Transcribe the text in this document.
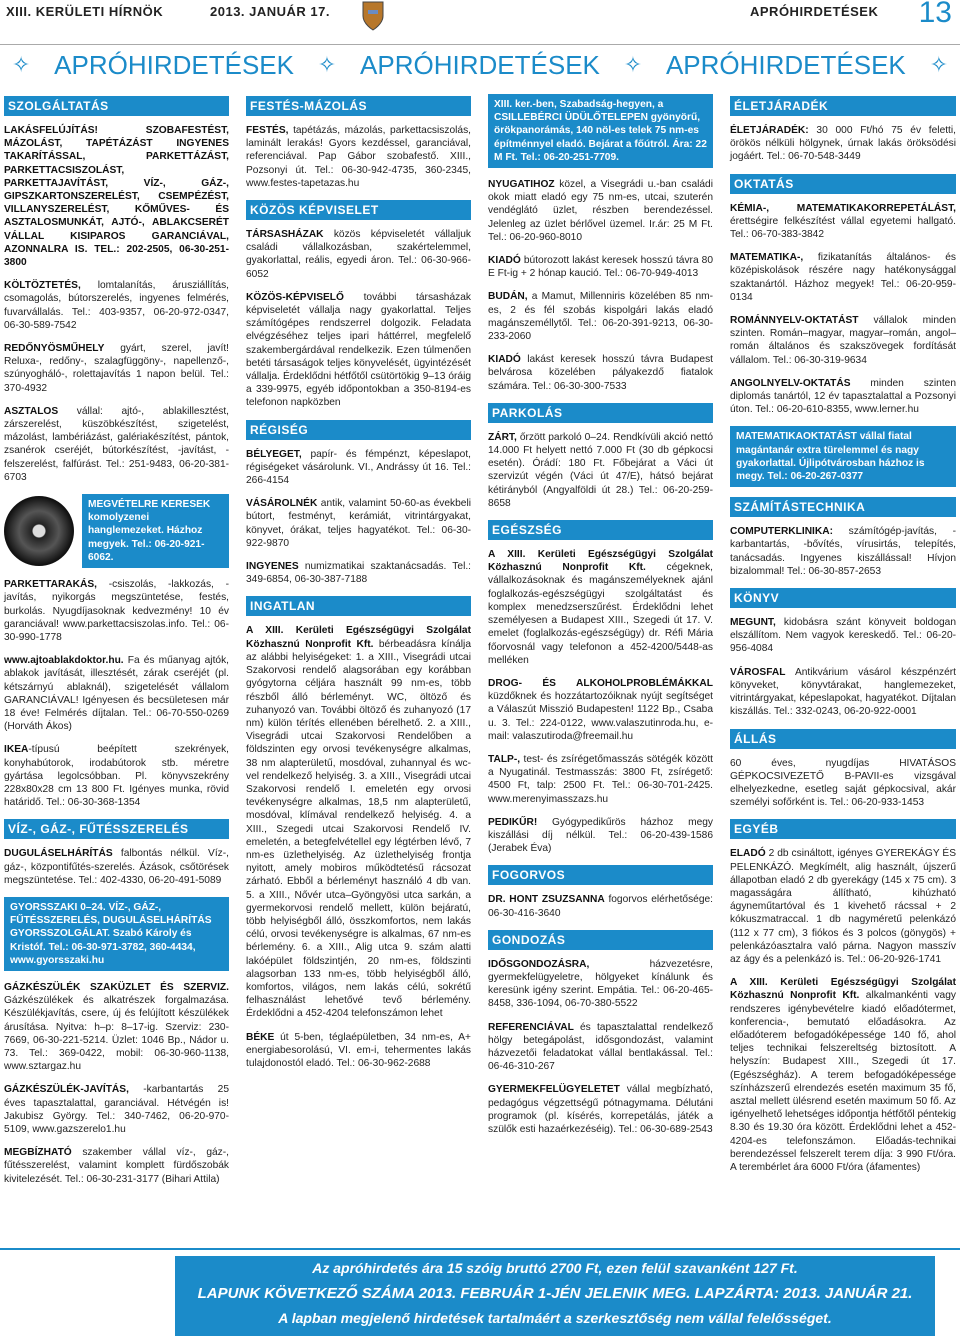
XIII. KERÜLETI HÍRNÖK	2013. JANUÁR 17.	APRÓHIRDETÉSEK 13
✧ APRÓHIRDETÉSEK ✧ APRÓHIRDETÉSEK ✧ APRÓHIRDETÉSEK ✧
SZOLGÁLTATÁS

LAKÁSFELÚJÍTÁS! SZOBAFESTÉST, MÁZOLÁST, TAPÉTÁZÁST INGYENES TAKARÍTÁSSAL, PARKETTÁZÁST, PARKETTACSISZOLÁST, PARKETTAJAVÍTÁST, VÍZ-, GÁZ-, GIPSZKARTONSZERELÉST, CSEMPÉZÉST, VILLANYSZERELÉST, KŐMŰVES- ÉS ASZTALOSMUNKÁT, AJTÓ-, ABLAKCSERÉT VÁLLAL KISIPAROS GARANCIÁVAL, AZONNALRA IS. TEL.: 202-2505, 06-30-251-3800

KÖLTÖZTETÉS, lomtalanítás, árusziállítás, csomagolás, bútorszerelés, ingyenes felmérés, fuvarvállalás. Tel.: 403-9357, 06-20-972-0347, 06-30-589-7542

REDŐNYÖSMŰHELY gyárt, szerel, javít! Reluxa-, redőny-, szalagfüggöny-, napellenző-, szúnyogháló-, rolettajavítás 1 napon belül. Tel.: 370-4932

ASZTALOS vállal: ajtó-, ablakillesztést, zárszerelést, küszöbkészítést, szigetelést, mázolást, lambériázást, galériakészítést, pántok, zsanérok cseréjét, bútorkészítést, -javítást, -felszerelést, falfúrást. Tel.: 251-9483, 06-20-381-6703

MEGVÉTELRE KERESEK komolyzenei hanglemezeket. Házhoz megyek. Tel.: 06-20-921-6062.

PARKETTARAKÁS, -csiszolás, -lakkozás, -javítás, nyikorgás megszüntetése, festés, burkolás. Nyugdíjasoknak kedvezmény! 10 év garanciával! www.parkettacsiszolas.info. Tel.: 06-30-990-1778

www.ajtoablakdoktor.hu. Fa és műanyag ajtók, ablakok javítását, illesztését, zárak cseréjét (pl. kétszárnyú ablaknál), szigetelését vállalom GARANCIÁVAL! Igényesen és becsületesen már 18 éve! Felmérés díjtalan. Tel.: 06-70-550-0269 (Horváth Ákos)

IKEA-típusú beépített szekrények, konyhabútorok, irodabútorok stb. méretre gyártása legolcsóbban. Pl. könyvszekrény 228x80x28 cm 13 800 Ft. Igényes munka, rövid határidő. Tel.: 06-30-368-1354

VÍZ-, GÁZ-, FŰTÉSSZERELÉS

DUGULÁSELHÁRÍTÁS falbontás nélkül. Víz-, gáz-, központifűtés-szerelés. Ázások, csőtörések megszüntetése. Tel.: 402-4330, 06-20-491-5089

GYORSSZAKI 0–24. VÍZ-, GÁZ-, FŰTÉSSZERELÉS, DUGULÁSELHÁRÍTÁS GYORSSZOLGÁLAT. Szabó Károly és Kristóf. Tel.: 06-30-971-3782, 360-4434, www.gyorsszaki.hu

GÁZKÉSZÜLÉK SZAKÜZLET ÉS SZERVIZ. Gázkészülékek és alkatrészek forgalmazása. Készülékjavítás, csere, új és felújított készülékek árusítása. Nyitva: h–p: 8–17-ig. Szerviz: 230-7669, 06-30-221-5214. Üzlet: 1046 Bp., Nádor u. 73. Tel.: 369-0422, mobil: 06-30-960-1138, www.sztargaz.hu

GÁZKÉSZÜLÉK-JAVÍTÁS, -karbantartás 25 éves tapasztalattal, garanciával. Hétvégén is! Jakubisz György. Tel.: 340-7462, 06-20-970-5109, www.gazszerelo1.hu

MEGBÍZHATÓ szakember vállal víz-, gáz-, fűtésszerelést, valamint komplett fürdőszobák kivitelezését. Tel.: 06-30-231-3177 (Bihari Attila)

FESTÉS-MÁZOLÁS

FESTÉS, tapétázás, mázolás, parkettacsiszolás, laminált lerakás! Gyors kezdéssel, garanciával, referenciával. Pap Gábor szobafestő. XIII., Pozsonyi út. Tel.: 06-30-942-4735, 360-2345, www.festes-tapetazas.hu

KÖZÖS KÉPVISELET

TÁRSASHÁZAK közös képviseletét vállaljuk családi vállalkozásban, szakértelemmel, gyakorlattal, reális, egyedi áron. Tel.: 06-30-966-6052

KÖZÖS-KÉPVISELŐ további társasházak képviseletét vállalja nagy gyakorlattal. Teljes számítógépes rendszerrel dolgozik. Feladata elvégzéséhez teljes ipari háttérrel, megfelelő szakembergárdával rendelkezik. Ezen túlmenően betéti társaságok teljes könyvelését, ügyintézését vállalja. Érdeklődni hétfőtől csütörtökig 9–13 óráig a 339-9975, egyéb időpontokban a 350-8194-es telefonon napközben

RÉGISÉG

BÉLYEGET, papír- és fémpénzt, képeslapot, régiségeket vásárolunk. VI., Andrássy út 16. Tel.: 266-4154

VÁSÁROLNÉK antik, valamint 50-60-as évekbeli bútort, festményt, kerámiát, vitrintárgyakat, könyvet, órákat, teljes hagyatékot. Tel.: 06-30-922-9870

INGYENES numizmatikai szaktanácsadás. Tel.: 349-6854, 06-30-387-7188

INGATLAN

A XIII. Kerületi Egészségügyi Szolgálat Közhasznú Nonprofit Kft. bérbeadásra kínálja az alábbi helyiségeket: 1. a XIII., Visegrádi utcai Szakorvosi rendelő alagsorában egy korábban gyógytorna céljára használt 99 nm-es, több részből álló bérleményt. WC, öltöző és zuhanyozó van. További öltöző és zuhanyozó (17 nm) külön térítés ellenében bérelhető. 2. a XIII., Visegrádi utcai Szakorvosi Rendelőben a földszinten egy orvosi tevékenységre alkalmas, 38 nm alapterületű, mosdóval, zuhannyal és wc-vel rendelkező helyiség. 3. a XIII., Visegrádi utcai Szakorvosi rendelő I. emeletén egy orvosi tevékenységre alkalmas, 18,5 nm alapterületű, mosdóval, klímával rendelkező helyiség. 4. a XIII., Szegedi utcai Szakorvosi Rendelő IV. emeletén, a betegfelvétellel egy légtérben lévő, 7 nm-es üzlethelyiség. Az üzlethelyiség frontja nyitott, amely mobiros működtetésű rácsozat zárható. Ebből a bérleményt használó 4 db van. 5. a XIII., Nővér utca–Gyöngyösi utca sarkán, a gyermekorvosi rendelő mellett, külön bejáratú, több helyiségből álló, összkomfortos, nem lakás célú, orvosi tevékenységre is alkalmas, 67 nm-es bérlemény. 6. a XIII., Alig utca 9. szám alatti lakóépület földszintjén, 20 nm-es, földszinti alagsorban 133 nm-es, több helyiségből álló, komfortos, világos, nem lakás célú, sokrétű felhasználást lehetővé tevő bérlemény. Érdeklődni a 452-4204 telefonszámon lehet

BÉKE út 5-ben, téglaépületben, 34 nm-es, A+ energiabesorolású, VI. em-i, tehermentes lakás tulajdonostól eladó. Tel.: 06-30-962-2688

XIII. ker.-ben, Szabadság-hegyen, a CSILLEBÉRCI ÜDÜLŐTELEPEN gyönyörű, örökpanorámás, 140 nöl-es telek 75 nm-es építménnyel eladó. Bejárat a főútról. Ára: 22 M Ft. Tel.: 06-20-251-7709.

NYUGATIHOZ közel, a Visegrádi u.-ban családi okok miatt eladó egy 75 nm-es, utcai, szuterén vendéglátó üzlet, részben berendezéssel. Jelenleg az üzlet bérlővel üzemel. Ir.ár: 25 M Ft. Tel.: 06-20-960-8010

KIADÓ bútorozott lakást keresek hosszú távra 80 E Ft-ig + 2 hónap kaució. Tel.: 06-70-949-4013

BUDÁN, a Mamut, Millenniris közelében 85 nm-es, 2 és fél szobás kispolgári lakás eladó magánszeméllytől. Tel.: 06-20-391-9213, 06-30-233-2060

KIADÓ lakást keresek hosszú távra Budapest belvárosa közelében pályakezdő fiatalok számára. Tel.: 06-30-300-7533

PARKOLÁS

ZÁRT, őrzött parkoló 0–24. Rendkívüli akció nettó 14.000 Ft helyett nettó 7.000 Ft (30 db gépkocsi esetén). Órádí: 180 Ft. Főbejárat a Váci út szervizút végén (Váci út 47/E), hátsó bejárat kétirányból (Angyalföldi út 28.) Tel.: 06-20-259-8658

EGÉSZSÉG

A XIII. Kerületi Egészségügyi Szolgálat Közhasznú Nonprofit Kft. cégeknek, vállalkozásoknak és magánszemélyeknek ajánl foglalkozás-egészségügyi szolgáltatást és komplex menedzserszűrést. Érdeklődni lehet személyesen a Budapest XIII., Szegedi út 17. V. emelet (foglalkozás-egészségügy) dr. Réfi Mária főorvosnál vagy telefonon a 452-4200/5448-as melléken

DROG- ÉS ALKOHOLPROBLÉMÁKKAL küzdőknek és hozzátartozóiknak nyújt segítséget a Válaszút Misszió Budapesten! 1122 Bp., Csaba u. 3. Tel.: 224-0122, www.valaszutinroda.hu, e-mail: valaszutiroda@freemail.hu

TALP-, test- és zsírégetőmasszás sötégék között a Nyugatinál. Testmasszás: 3800 Ft, zsírégető: 4500 Ft, talp: 2500 Ft. Tel.: 06-30-701-2425. www.merenyimasszazs.hu

PEDIKŰR! Gyógypedikűrös házhoz megy kiszállási díj nélkül. Tel.: 06-20-439-1586 (Jerabek Éva)

FOGORVOS

DR. HONT ZSUZSANNA fogorvos elérhetősége: 06-30-416-3640

GONDOZÁS

IDŐSGONDOZÁSRA, házvezetésre, gyermekfelügyeletre, hölgyeket kínálunk és keresünk igény szerint. Empátia. Tel.: 06-20-465-8458, 336-1094, 06-70-380-5522

REFERENCIÁVAL és tapasztalattal rendelkező hölgy betegápolást, idősgondozást, valamint házvezetői feladatokat vállal bentlakással. Tel.: 06-46-310-267

GYERMEKFELÜGYELETET vállal megbízható, pedagógus végzettségű pótnagymama. Délutáni programok (pl. kísérés, korrepetálás, játék a szülők esti hazaérkezéséig). Tel.: 06-30-689-2543

ÉLETJÁRADÉK

ÉLETJÁRADÉK: 30 000 Ft/hó 75 év feletti, örökös nélküli hölgynek, úrnak lakás öröksödési jogáért. Tel.: 06-70-548-3449

OKTATÁS

KÉMIA-, MATEMATIKAKORREPETÁLÁST, érettségire felkészítést vállal egyetemi hallgató. Tel.: 06-70-383-3842

MATEMATIKA-, fizikatanítás általános- és középiskolások részére nagy hatékonysággal szaktanártól. Házhoz megyek! Tel.: 06-20-959-0134

ROMÁNNYELV-OKTATÁST vállalok minden szinten. Román–magyar, magyar–román, angol–román általános és szakszövegek fordítását vállalom. Tel.: 06-30-319-9634

ANGOLNYELV-OKTATÁS minden szinten diplomás tanártól, 12 év tapasztalattal a Pozsonyi úton. Tel.: 06-20-610-8355, www.lerner.hu

MATEMATIKAOKTATÁST vállal fiatal magántanár extra türelemmel és nagy gyakorlattal. Újlipótvárosban házhoz is megy. Tel.: 06-20-267-0377
SZÁMÍTÁSTECHNIKA

COMPUTERKLINIKA: számítógép-javítás, -karbantartás, -bővítés, vírusirtás, telepítés, tanácsadás. Ingyenes kiszállással! Hívjon bizalommal! Tel.: 06-30-857-2653

KÖNYV

MEGUNT, kidobásra szánt könyveit boldogan elszállítom. Nem vagyok kereskedő. Tel.: 06-20-956-4084

VÁROSFAL Antikvárium vásárol készpénzért könyveket, könyvtárakat, hanglemezeket, vitrintárgyakat, képeslapokat, hagyatékot. Díjtalan kiszállás. Tel.: 332-0243, 06-20-922-0001

ÁLLÁS

60 éves, nyugdíjas HIVATÁSOS GÉPKOCSIVEZETŐ B-PAVII-es vizsgával elhelyezkedne, esetleg saját gépkocsival, akár személyi sofőrként is. Tel.: 06-20-933-1453

EGYÉB

ELADÓ 2 db csináltott, igényes GYEREKÁGY ÉS PELENKÁZÓ. Megkímélt, alig használt, újszerű állapotban eladó 2 db gyerekágy (145 x 75 cm). 3 magasságára állítható, kihúzható ágyneműtartóval és 1 kivehető rácssal + 2 kókuszmatraccal. 1 db nagyméretű pelenkázó (112 x 77 cm), 3 fiókos és 3 polcos (gönygös) + pelenkázóasztalra való párna. Nagyon masszív az ágy és a pelenkázó is. Tel.: 06-20-926-1741

A XIII. Kerületi Egészségügyi Szolgálat Közhasznú Nonprofit Kft. alkalmankénti vagy rendszeres igénybevételre kiadó előadótermet, konferencia-, bemutató előadásokra. Az előadóterem befogadóképessége 140 fő, ahol teljes technikai felszereltség biztosított. A helyszín: Budapest XIII., Szegedi út 17. (Egészségház). A terem befogadóképessége színházszerű elrendezés esetén maximum 35 fő, asztal mellett ülésrend esetén maximum 50 fő. Az igényelhető lehetséges időpontja hétfőtől péntekig 8.30 és 19.30 óra között. Érdeklődni lehet a 452-4204-es telefonszámon. Előadás-technikai berendezéssel felszerelt terem díja: 3 990 Ft/óra. A terembérlet ára 6000 Ft/óra (áfamentes)

Az apróhirdetés ára 15 szóig bruttó 2700 Ft, ezen felül szavanként 127 Ft.
LAPUNK KÖVETKEZŐ SZÁMA 2013. FEBRUÁR 1-JÉN JELENIK MEG. LAPZÁRTA: 2013. JANUÁR 21.
A lapban megjelenő hirdetések tartalmáért a szerkesztőség nem vállal felelősséget.
